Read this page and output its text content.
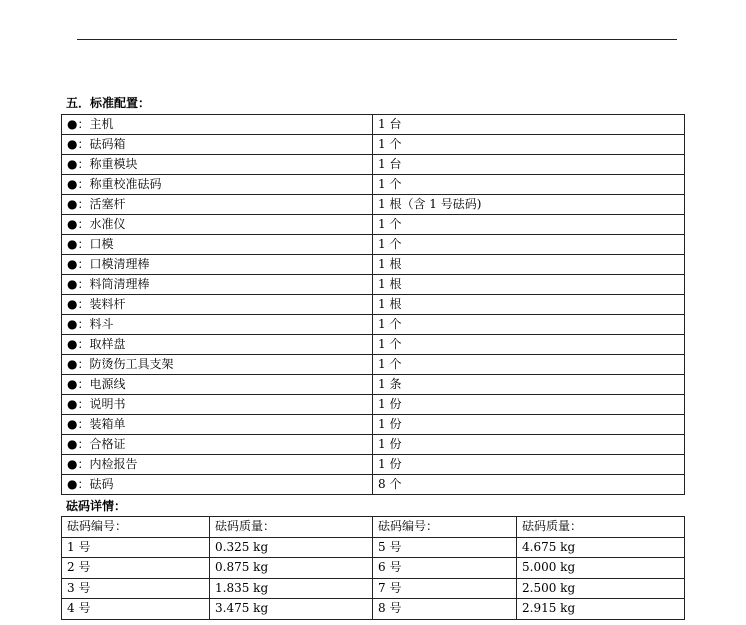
五．标准配置：
●：主机	1 台
●：砝码箱	1 个
●：称重模块	1 台
●：称重校准砝码	1 个
●：活塞杆	1 根（含 1 号砝码)
●：水准仪	1 个
●：口模	1 个
●：口模清理棒	1 根
●：料筒清理棒	1 根
●：装料杆	1 根
●：料斗	1 个
●：取样盘	1 个
●：防烫伤工具支架	1 个
●：电源线	1 条
●：说明书	1 份
●：装箱单	1 份
●：合格证	1 份
●：内检报告	1 份
●：砝码	8 个
砝码详情：
砝码编号：	砝码质量：	砝码编号：	砝码质量：
1 号	0.325 kg	5 号	4.675 kg
2 号	0.875 kg	6 号	5.000 kg
3 号	1.835 kg	7 号	2.500 kg
4 号	3.475 kg	8 号	2.915 kg
